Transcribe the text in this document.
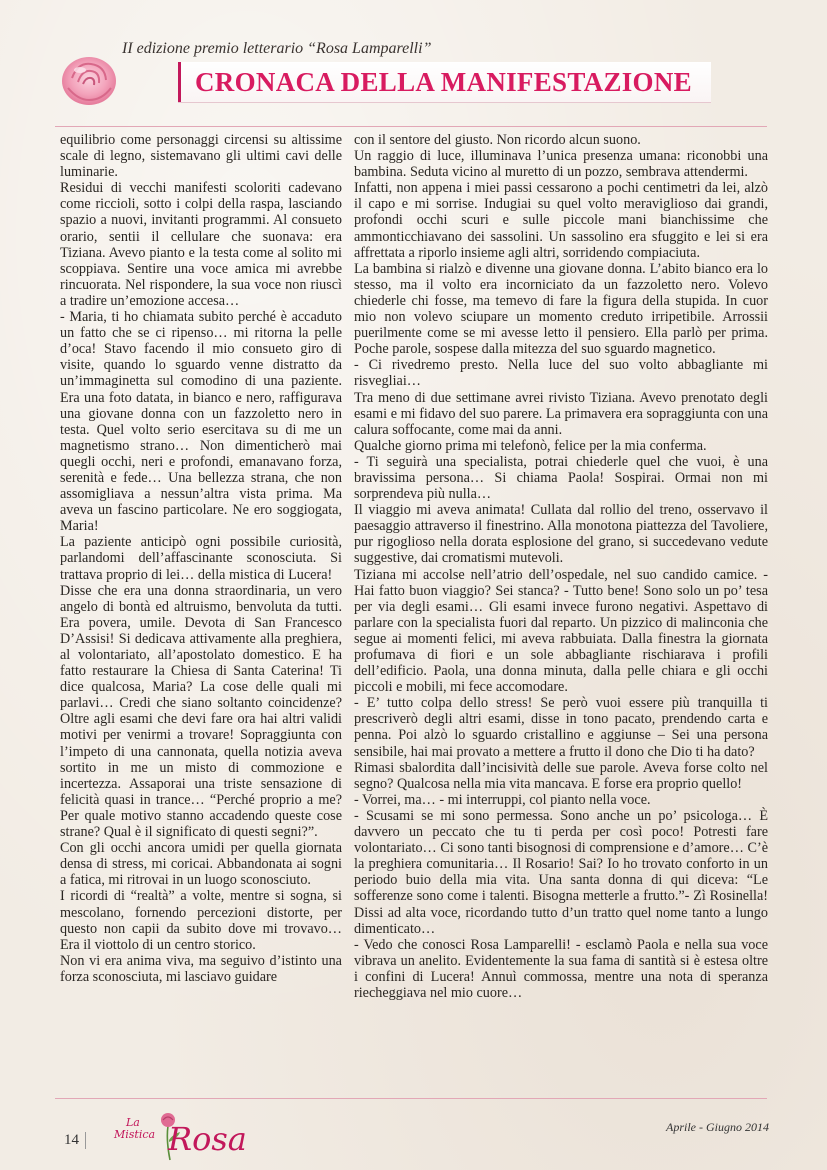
II edizione premio letterario “Rosa Lamparelli”
CRONACA DELLA MANIFESTAZIONE

equilibrio come personaggi circensi su altissime scale di legno, sistemavano gli ultimi cavi delle luminarie.

Residui di vecchi manifesti scoloriti cadevano come riccioli, sotto i colpi della raspa, lasciando spazio a nuovi, invitanti programmi. Al consueto orario, sentii il cellulare che suonava: era Tiziana. Avevo pianto e la testa come al solito mi scoppiava. Sentire una voce amica mi avrebbe rincuorata. Nel rispondere, la sua voce non riuscì a tradire un’emozione accesa…

- Maria, ti ho chiamata subito perché è accaduto un fatto che se ci ripenso… mi ritorna la pelle d’oca! Stavo facendo il mio consueto giro di visite, quando lo sguardo venne distratto da un’immaginetta sul comodino di una paziente. Era una foto datata, in bianco e nero, raffigurava una giovane donna con un fazzoletto nero in testa. Quel volto serio esercitava su di me un magnetismo strano… Non dimenticherò mai quegli occhi, neri e profondi, emanavano forza, serenità e fede… Una bellezza strana, che non assomigliava a nessun’altra vista prima. Ma aveva un fascino particolare. Ne ero soggiogata, Maria!

La paziente anticipò ogni possibile curiosità, parlandomi dell’affascinante sconosciuta. Si trattava proprio di lei… della mistica di Lucera!

Disse che era una donna straordinaria, un vero angelo di bontà ed altruismo, benvoluta da tutti. Era povera, umile. Devota di San Francesco D’Assisi! Si dedicava attivamente alla preghiera, al volontariato, all’apostolato domestico. E ha fatto restaurare la Chiesa di Santa Caterina! Ti dice qualcosa, Maria? La cose delle quali mi parlavi… Credi che siano soltanto coincidenze? Oltre agli esami che devi fare ora hai altri validi motivi per venirmi a trovare! Sopraggiunta con l’impeto di una cannonata, quella notizia aveva sortito in me un misto di commozione e incertezza. Assaporai una triste sensazione di felicità quasi in trance… “Perché proprio a me? Per quale motivo stanno accadendo queste cose strane? Qual è il significato di questi segni?”.

Con gli occhi ancora umidi per quella giornata densa di stress, mi coricai. Abbandonata ai sogni a fatica, mi ritrovai in un luogo sconosciuto.

I ricordi di “realtà” a volte, mentre si sogna, si mescolano, fornendo percezioni distorte, per questo non capii da subito dove mi trovavo… Era il viottolo di un centro storico.

Non vi era anima viva, ma seguivo d’istinto una forza sconosciuta, mi lasciavo guidare

con il sentore del giusto. Non ricordo alcun suono.

Un raggio di luce, illuminava l’unica presenza umana: riconobbi una bambina. Seduta vicino al muretto di un pozzo, sembrava attendermi.

Infatti, non appena i miei passi cessarono a pochi centimetri da lei, alzò il capo e mi sorrise. Indugiai su quel volto meraviglioso dai grandi, profondi occhi scuri e sulle piccole mani bianchissime che ammonticchiavano dei sassolini. Un sassolino era sfuggito e lei si era affrettata a riporlo insieme agli altri, sorridendo compiaciuta.

La bambina si rialzò e divenne una giovane donna. L’abito bianco era lo stesso, ma il volto era incorniciato da un fazzoletto nero. Volevo chiederle chi fosse, ma temevo di fare la figura della stupida. In cuor mio non volevo sciupare un momento creduto irripetibile. Arrossii puerilmente come se mi avesse letto il pensiero. Ella parlò per prima. Poche parole, sospese dalla mitezza del suo sguardo magnetico.

- Ci rivedremo presto. Nella luce del suo volto abbagliante mi risvegliai…

Tra meno di due settimane avrei rivisto Tiziana. Avevo prenotato degli esami e mi fidavo del suo parere. La primavera era sopraggiunta con una calura soffocante, come mai da anni.

Qualche giorno prima mi telefonò, felice per la mia conferma.

- Ti seguirà una specialista, potrai chiederle quel che vuoi, è una bravissima persona… Si chiama Paola! Sospirai. Ormai non mi sorprendeva più nulla…

Il viaggio mi aveva animata! Cullata dal rollio del treno, osservavo il paesaggio attraverso il finestrino. Alla monotona piattezza del Tavoliere, pur rigoglioso nella dorata esplosione del grano, si succedevano vedute suggestive, dai cromatismi mutevoli.

Tiziana mi accolse nell’atrio dell’ospedale, nel suo candido camice. - Hai fatto buon viaggio? Sei stanca? - Tutto bene! Sono solo un po’ tesa per via degli esami… Gli esami invece furono negativi. Aspettavo di parlare con la specialista fuori dal reparto. Un pizzico di malinconia che segue ai momenti felici, mi aveva rabbuiata. Dalla finestra la giornata profumava di fiori e un sole abbagliante rischiarava i profili dell’edificio. Paola, una donna minuta, dalla pelle chiara e gli occhi piccoli e mobili, mi fece accomodare.

- E’ tutto colpa dello stress! Se però vuoi essere più tranquilla ti prescriverò degli altri esami, disse in tono pacato, prendendo carta e penna. Poi alzò lo sguardo cristallino e aggiunse – Sei una persona sensibile, hai mai provato a mettere a frutto il dono che Dio ti ha dato?

Rimasi sbalordita dall’incisività delle sue parole. Aveva forse colto nel segno? Qualcosa nella mia vita mancava. E forse era proprio quello!

- Vorrei, ma… - mi interruppi, col pianto nella voce.

- Scusami se mi sono permessa. Sono anche un po’ psicologa… È davvero un peccato che tu ti perda per così poco! Potresti fare volontariato… Ci sono tanti bisognosi di comprensione e d’amore… C’è la preghiera comunitaria… Il Rosario! Sai? Io ho trovato conforto in un periodo buio della mia vita. Una santa donna di qui diceva: “Le sofferenze sono come i talenti. Bisogna metterle a frutto.”- Zì Rosinella! Dissi ad alta voce, ricordando tutto d’un tratto quel nome tanto a lungo dimenticato…

- Vedo che conosci Rosa Lamparelli! - esclamò Paola e nella sua voce vibrava un anelito. Evidentemente la sua fama di santità si è estesa oltre i confini di Lucera! Annuì commossa, mentre una nota di speranza riecheggiava nel mio cuore…

14
La
Mistica Rosa	Aprile - Giugno 2014
